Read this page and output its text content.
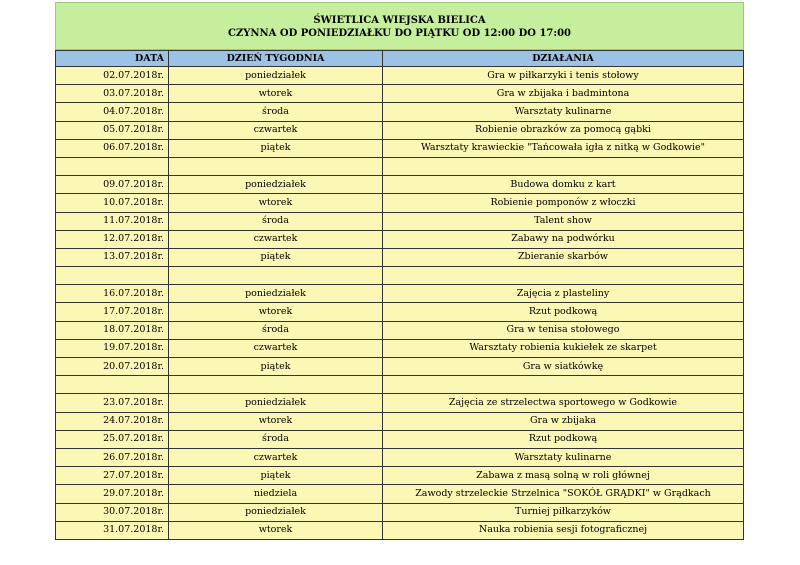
ŚWIETLICA WIEJSKA BIELICA
CZYNNA OD PONIEDZIAŁKU DO PIĄTKU OD 12:00 DO 17:00
DATA	DZIEŃ TYGODNIA	DZIAŁANIA
02.07.2018r.	poniedziałek	Gra w piłkarzyki i tenis stołowy
03.07.2018r.	wtorek	Gra w zbijaka i badmintona
04.07.2018r.	środa	Warsztaty kulinarne
05.07.2018r.	czwartek	Robienie obrazków za pomocą gąbki
06.07.2018r.	piątek	Warsztaty krawieckie "Tańcowała igła z nitką w Godkowie"

09.07.2018r.	poniedziałek	Budowa domku z kart
10.07.2018r.	wtorek	Robienie pomponów z włoczki
11.07.2018r.	środa	Talent show
12.07.2018r.	czwartek	Zabawy na podwórku
13.07.2018r.	piątek	Zbieranie skarbów

16.07.2018r.	poniedziałek	Zajęcia z plasteliny
17.07.2018r.	wtorek	Rzut podkową
18.07.2018r.	środa	Gra w tenisa stołowego
19.07.2018r.	czwartek	Warsztaty robienia kukiełek ze skarpet
20.07.2018r.	piątek	Gra w siatkówkę

23.07.2018r.	poniedziałek	Zajęcia ze strzelectwa sportowego w Godkowie
24.07.2018r.	wtorek	Gra w zbijaka
25.07.2018r.	środa	Rzut podkową
26.07.2018r.	czwartek	Warsztaty kulinarne
27.07.2018r.	piątek	Zabawa z masą solną w roli głównej
29.07.2018r.	niedziela	Zawody strzeleckie Strzelnica "SOKÓŁ GRĄDKI" w Grądkach
30.07.2018r.	poniedziałek	Turniej piłkarzyków
31.07.2018r.	wtorek	Nauka robienia sesji fotograficznej
